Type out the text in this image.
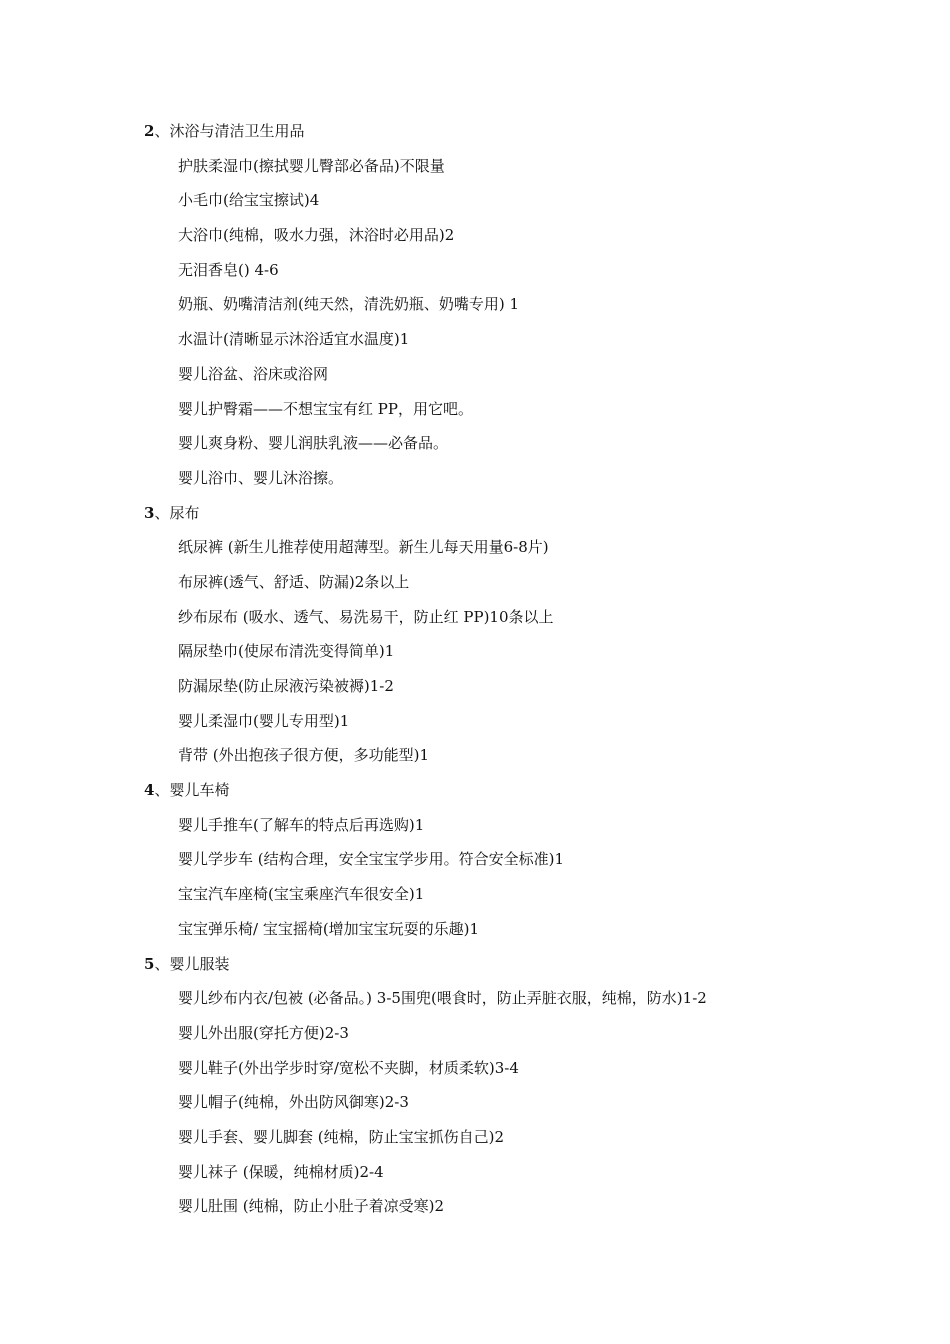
2、沐浴与清洁卫生用品
护肤柔湿巾(擦拭婴儿臀部必备品)不限量
小毛巾(给宝宝擦试)4
大浴巾(纯棉，吸水力强，沐浴时必用品)2
无泪香皂() 4-6
奶瓶、奶嘴清洁剂(纯天然，清洗奶瓶、奶嘴专用) 1
水温计(清晰显示沐浴适宜水温度)1
婴儿浴盆、浴床或浴网
婴儿护臀霜——不想宝宝有红 PP，用它吧。
婴儿爽身粉、婴儿润肤乳液——必备品。
婴儿浴巾、婴儿沐浴擦。
3、尿布
纸尿裤 (新生儿推荐使用超薄型。新生儿每天用量6-8片)
布尿裤(透气、舒适、防漏)2条以上
纱布尿布 (吸水、透气、易洗易干，防止红 PP)10条以上
隔尿垫巾(使尿布清洗变得简单)1
防漏尿垫(防止尿液污染被褥)1-2
婴儿柔湿巾(婴儿专用型)1
背带 (外出抱孩子很方便，多功能型)1
4、婴儿车椅
婴儿手推车(了解车的特点后再选购)1
婴儿学步车 (结构合理，安全宝宝学步用。符合安全标准)1
宝宝汽车座椅(宝宝乘座汽车很安全)1
宝宝弹乐椅/ 宝宝摇椅(增加宝宝玩耍的乐趣)1
5、婴儿服装
婴儿纱布内衣/包被 (必备品。) 3-5围兜(喂食时，防止弄脏衣服，纯棉，防水)1-2
婴儿外出服(穿托方便)2-3
婴儿鞋子(外出学步时穿/宽松不夹脚，材质柔软)3-4
婴儿帽子(纯棉，外出防风御寒)2-3
婴儿手套、婴儿脚套 (纯棉，防止宝宝抓伤自己)2
婴儿袜子 (保暖，纯棉材质)2-4
婴儿肚围 (纯棉，防止小肚子着凉受寒)2
